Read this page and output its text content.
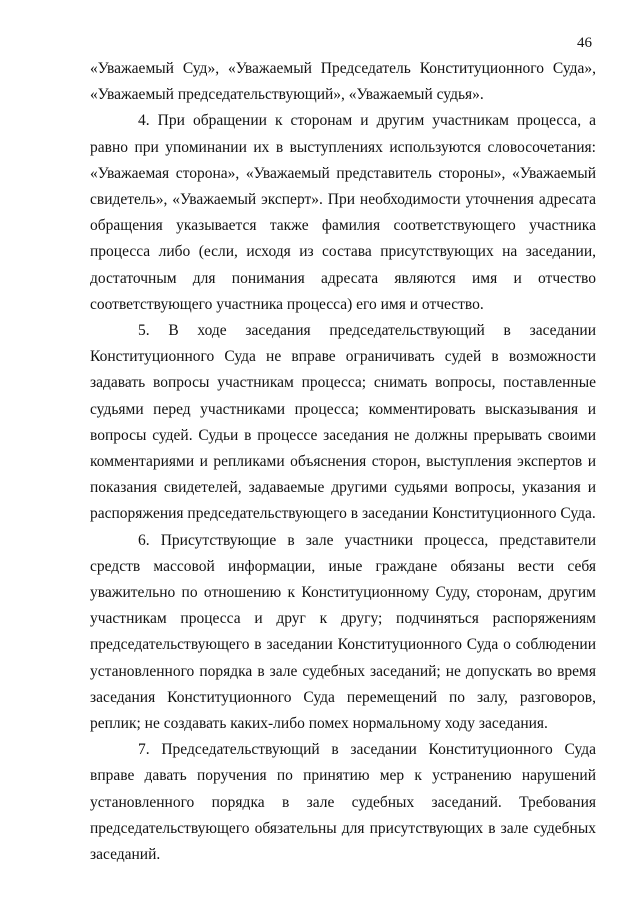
46

«Уважаемый Суд», «Уважаемый Председатель Конституционного Суда», «Уважаемый председательствующий», «Уважаемый судья».

4. При обращении к сторонам и другим участникам процесса, а равно при упоминании их в выступлениях используются словосочетания: «Уважаемая сторона», «Уважаемый представитель стороны», «Уважаемый свидетель», «Уважаемый эксперт». При необходимости уточнения адресата обращения указывается также фамилия соответствующего участника процесса либо (если, исходя из состава присутствующих на заседании, достаточным для понимания адресата являются имя и отчество соответствующего участника процесса) его имя и отчество.

5. В ходе заседания председательствующий в заседании Конституционного Суда не вправе ограничивать судей в возможности задавать вопросы участникам процесса; снимать вопросы, поставленные судьями перед участниками процесса; комментировать высказывания и вопросы судей. Судьи в процессе заседания не должны прерывать своими комментариями и репликами объяснения сторон, выступления экспертов и показания свидетелей, задаваемые другими судьями вопросы, указания и распоряжения председательствующего в заседании Конституционного Суда.

6. Присутствующие в зале участники процесса, представители средств массовой информации, иные граждане обязаны вести себя уважительно по отношению к Конституционному Суду, сторонам, другим участникам процесса и друг к другу; подчиняться распоряжениям председательствующего в заседании Конституционного Суда о соблюдении установленного порядка в зале судебных заседаний; не допускать во время заседания Конституционного Суда перемещений по залу, разговоров, реплик; не создавать каких-либо помех нормальному ходу заседания.

7. Председательствующий в заседании Конституционного Суда вправе давать поручения по принятию мер к устранению нарушений установленного порядка в зале судебных заседаний. Требования председательствующего обязательны для присутствующих в зале судебных заседаний.
